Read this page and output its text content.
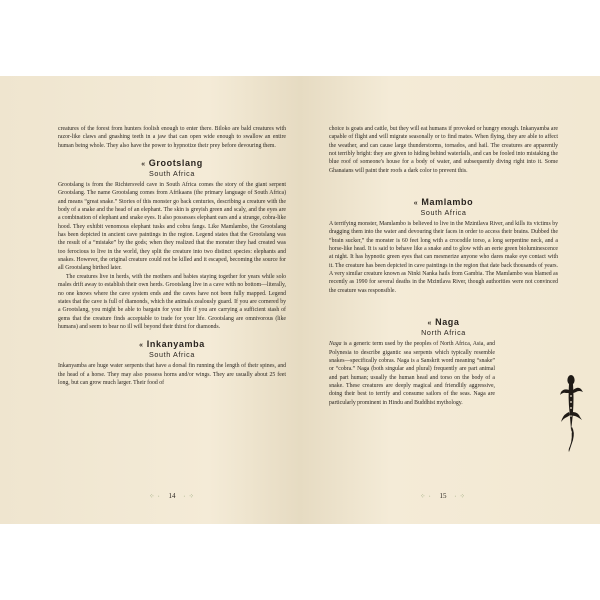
creatures of the forest from hunters foolish enough to enter there. Biloko are bald creatures with razor-like claws and gnashing teeth in a jaw that can open wide enough to swallow an entire human being whole. They also have the power to hypnotize their prey before devouring them.

« Grootslang
South Africa

Grootslang is from the Richtersveld cave in South Africa comes the story of the giant serpent Grootslang. The name Grootslang comes from Afrikaans (the primary language of South Africa) and means “great snake.” Stories of this monster go back centuries, describing a creature with the body of a snake and the head of an elephant. The skin is greyish green and scaly, and the eyes are a combination of elephant and snake eyes. It also possesses elephant ears and a strange, cobra-like hood. They exhibit venomous elephant tusks and cobra fangs. Like Mamlambo, the Grootslang has been depicted in ancient cave paintings in the region. Legend states that the Grootslang was the result of a “mistake” by the gods; when they realized that the monster they had created was too ferocious to live in the world, they split the creature into two distinct species: elephants and snakes. However, the original creature could not be killed and it escaped, becoming the source for all Grootslang birthed later.

The creatures live in herds, with the mothers and babies staying together for years while solo males drift away to establish their own herds. Grootslang live in a cave with no bottom—literally, no one knows where the cave system ends and the caves have not been fully mapped. Legend states that the cave is full of diamonds, which the animals zealously guard. If you are cornered by a Grootslang, you might be able to bargain for your life if you are carrying a sufficient stash of gems that the creature finds acceptable to trade for your life. Grootslang are omnivorous (like humans) and seem to bear no ill will beyond their thirst for diamonds.

« Inkanyamba
South Africa

Inkanyamba are huge water serpents that have a dorsal fin running the length of their spines, and the head of a horse. They may also possess horns and/or wings. They are usually about 25 feet long, but can grow much larger. Their food of

⁘ · 14 · ⁘

choice is goats and cattle, but they will eat humans if provoked or hungry enough. Inkanyamba are capable of flight and will migrate seasonally or to find mates. When flying, they are able to affect the weather, and can cause large thunderstorms, tornados, and hail. The creatures are apparently not terribly bright: they are given to hiding behind waterfalls, and can be fooled into mistaking the blue roof of someone's house for a body of water, and subsequently diving right into it. Some Ghanaians will paint their roofs a dark color to prevent this.

« Mamlambo
South Africa

A terrifying monster, Mamlambo is believed to live in the Mzintlava River, and kills its victims by dragging them into the water and devouring their faces in order to access their brains. Dubbed the “brain sucker,” the monster is 60 feet long with a crocodile torso, a long serpentine neck, and a horse-like head. It is said to behave like a snake and to glow with an eerie green bioluminescence at night. It has hypnotic green eyes that can mesmerize anyone who dares make eye contact with it. The creature has been depicted in cave paintings in the region that date back thousands of years. A very similar creature known as Ninki Nanka hails from Gambia. The Mamlambo was blamed as recently as 1990 for several deaths in the Mzintlava River, though authorities were not convinced the creature was responsible.

« Naga
North Africa

Naga is a generic term used by the peoples of North Africa, Asia, and Polynesia to describe gigantic sea serpents which typically resemble snakes—specifically cobras. Naga is a Sanskrit word meaning “snake” or “cobra.” Naga (both singular and plural) frequently are part animal and part human; usually the human head and torso on the body of a snake. These creatures are deeply magical and friendlily aggressive, doing their best to terrify and consume sailors of the seas. Naga are particularly prominent in Hindu and Buddhist mythology.

⁘ · 15 · ⁘
